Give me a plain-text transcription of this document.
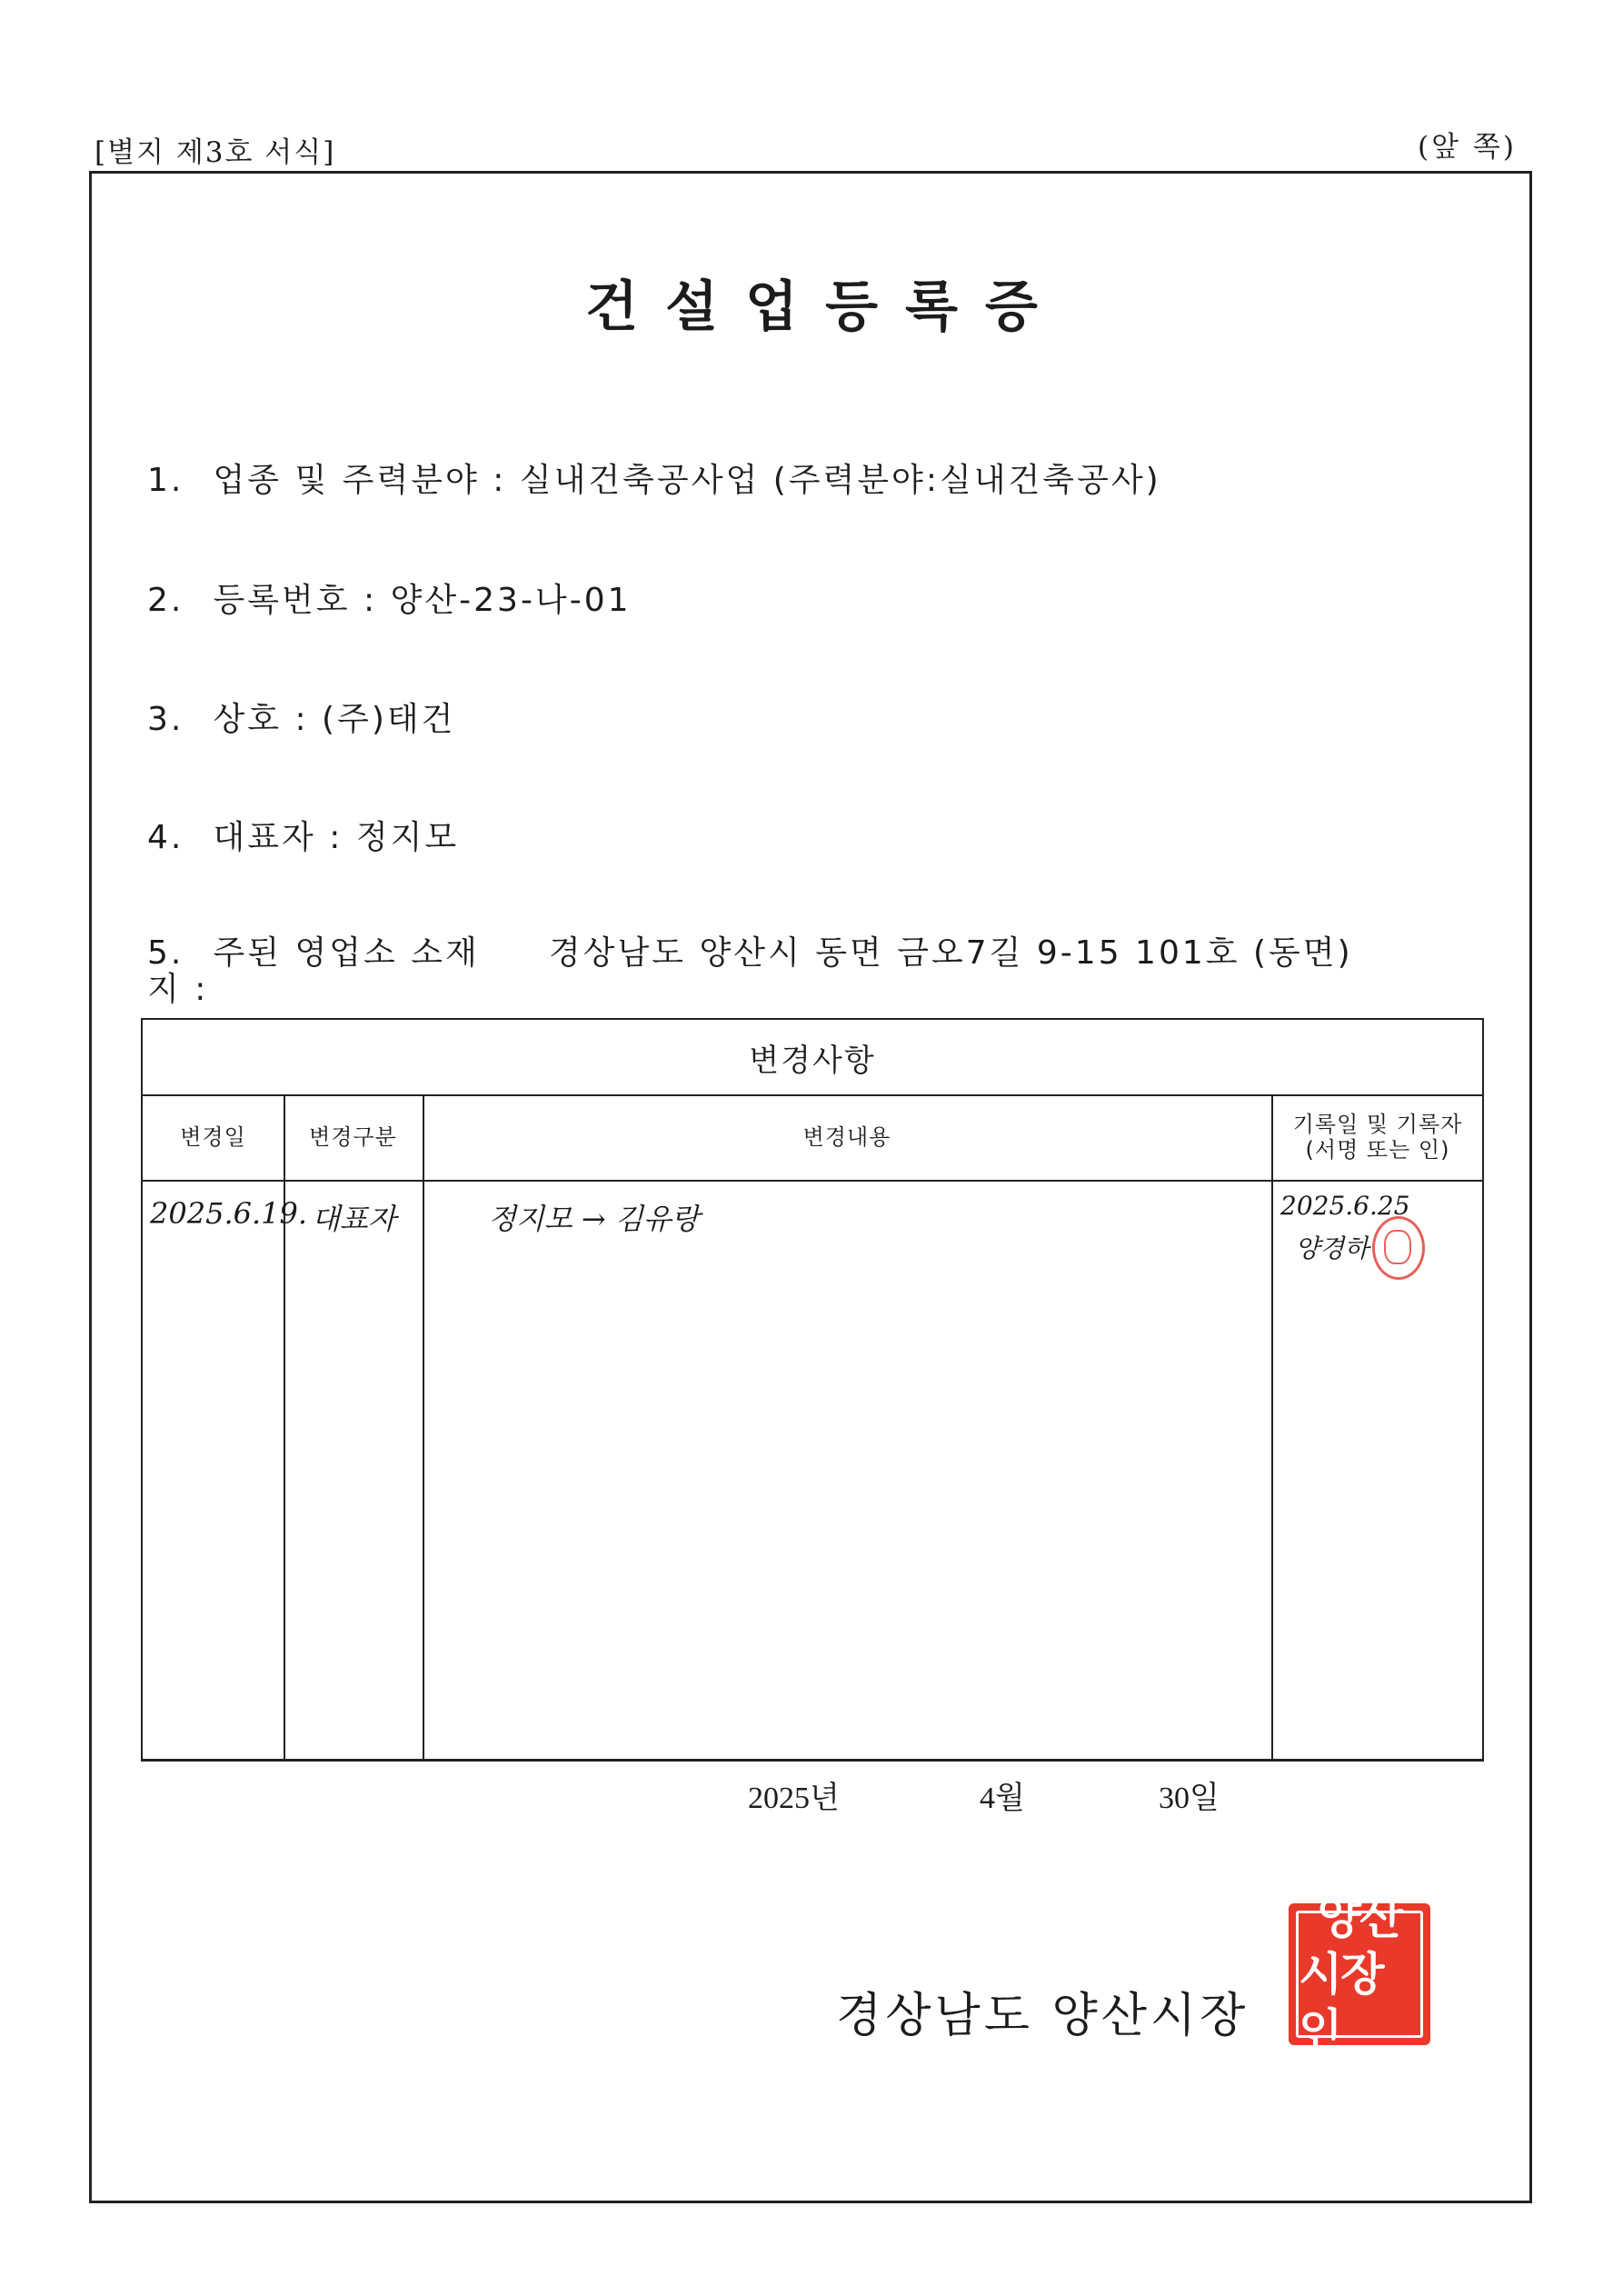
[별지 제3호 서식]	(앞 쪽)
건설업등록증
1. 업종 및 주력분야 : 실내건축공사업 (주력분야:실내건축공사)
2. 등록번호 : 양산-23-나-01
3. 상호 : (주)태건
4. 대표자 : 정지모
5. 주된 영업소 소재 경상남도 양산시 동면 금오7길 9-15 101호 (동면)
지 :
변경사항
변경일	변경구분	변경내용	기록일 및 기록자
(서명 또는 인)
2025.6.19. 대표자	정지모 → 김유랑	2025.6.25
양경하
2025년	4월	30일
경상남도 양산시장
양산
시장인
